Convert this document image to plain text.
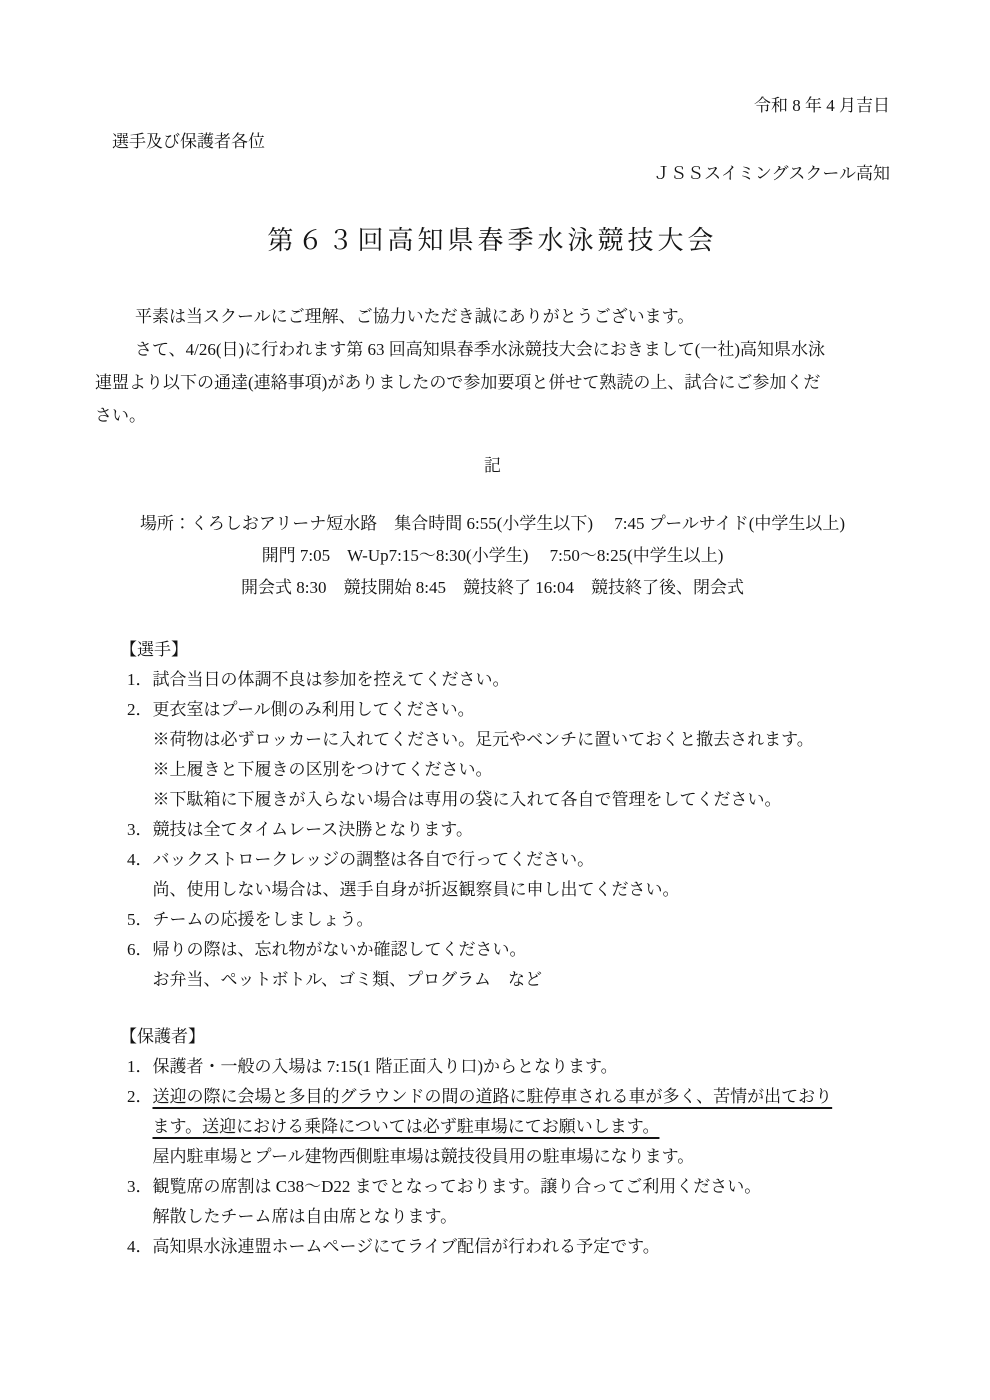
令和 8 年 4 月吉日
選手及び保護者各位
ＪＳＳスイミングスクール高知
第６３回高知県春季水泳競技大会
平素は当スクールにご理解、ご協力いただき誠にありがとうございます。
さて、4/26(日)に行われます第 63 回高知県春季水泳競技大会におきまして(一社)高知県水泳
連盟より以下の通達(連絡事項)がありましたので参加要項と併せて熟読の上、試合にご参加くだ
さい。
記
場所：くろしおアリーナ短水路　集合時間 6:55(小学生以下)　 7:45 プールサイド(中学生以上)
開門 7:05　W-Up7:15～8:30(小学生)　 7:50～8:25(中学生以上)
開会式 8:30　競技開始 8:45　競技終了 16:04　競技終了後、閉会式
【選手】
1． 試合当日の体調不良は参加を控えてください。
2． 更衣室はプール側のみ利用してください。
※荷物は必ずロッカーに入れてください。足元やベンチに置いておくと撤去されます。
※上履きと下履きの区別をつけてください。
※下駄箱に下履きが入らない場合は専用の袋に入れて各自で管理をしてください。
3． 競技は全てタイムレース決勝となります。
4． バックストロークレッジの調整は各自で行ってください。
尚、使用しない場合は、選手自身が折返観察員に申し出てください。
5． チームの応援をしましょう。
6． 帰りの際は、忘れ物がないか確認してください。
お弁当、ペットボトル、ゴミ類、プログラム　など
【保護者】
1． 保護者・一般の入場は 7:15(1 階正面入り口)からとなります。
2． 送迎の際に会場と多目的グラウンドの間の道路に駐停車される車が多く、苦情が出ており
ます。送迎における乗降については必ず駐車場にてお願いします。
屋内駐車場とプール建物西側駐車場は競技役員用の駐車場になります。
3． 観覧席の席割は C38～D22 までとなっております。譲り合ってご利用ください。
解散したチーム席は自由席となります。
4． 高知県水泳連盟ホームページにてライブ配信が行われる予定です。
